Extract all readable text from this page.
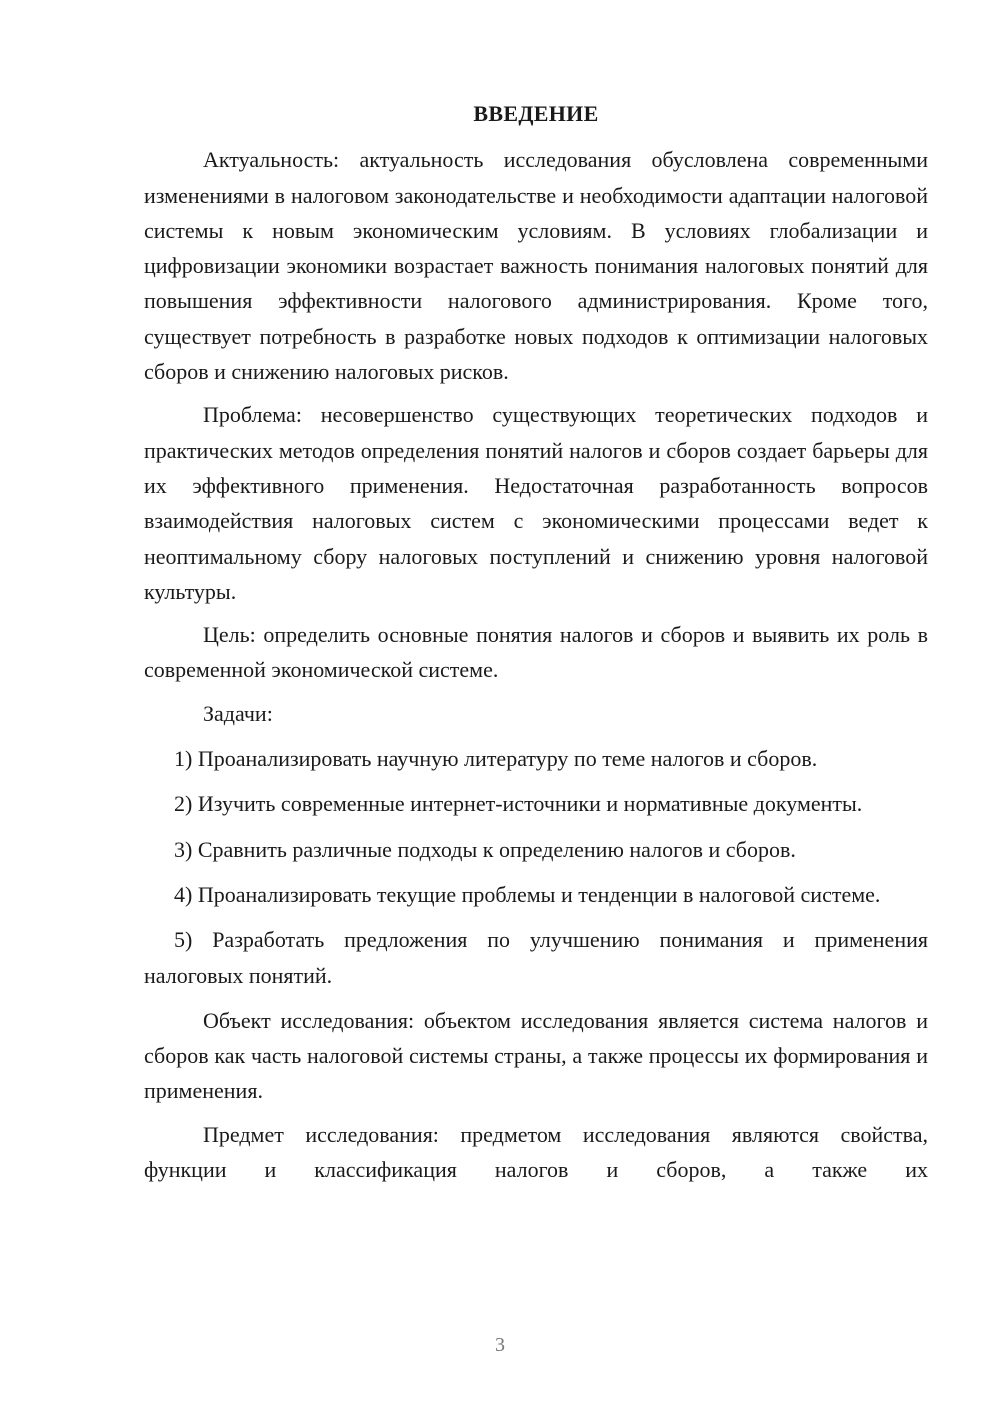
ВВЕДЕНИЕ

Актуальность: актуальность исследования обусловлена современными изменениями в налоговом законодательстве и необходимости адаптации налоговой системы к новым экономическим условиям. В условиях глобализации и цифровизации экономики возрастает важность понимания налоговых понятий для повышения эффективности налогового администрирования. Кроме того, существует потребность в разработке новых подходов к оптимизации налоговых сборов и снижению налоговых рисков.

Проблема: несовершенство существующих теоретических подходов и практических методов определения понятий налогов и сборов создает барьеры для их эффективного применения. Недостаточная разработанность вопросов взаимодействия налоговых систем с экономическими процессами ведет к неоптимальному сбору налоговых поступлений и снижению уровня налоговой культуры.

Цель: определить основные понятия налогов и сборов и выявить их роль в современной экономической системе.

Задачи:

1) Проанализировать научную литературу по теме налогов и сборов.

2) Изучить современные интернет-источники и нормативные документы.

3) Сравнить различные подходы к определению налогов и сборов.

4) Проанализировать текущие проблемы и тенденции в налоговой системе.

5) Разработать предложения по улучшению понимания и применения налоговых понятий.

Объект исследования: объектом исследования является система налогов и сборов как часть налоговой системы страны, а также процессы их формирования и применения.

Предмет исследования: предметом исследования являются свойства, функции и классификация налогов и сборов, а также их

3
